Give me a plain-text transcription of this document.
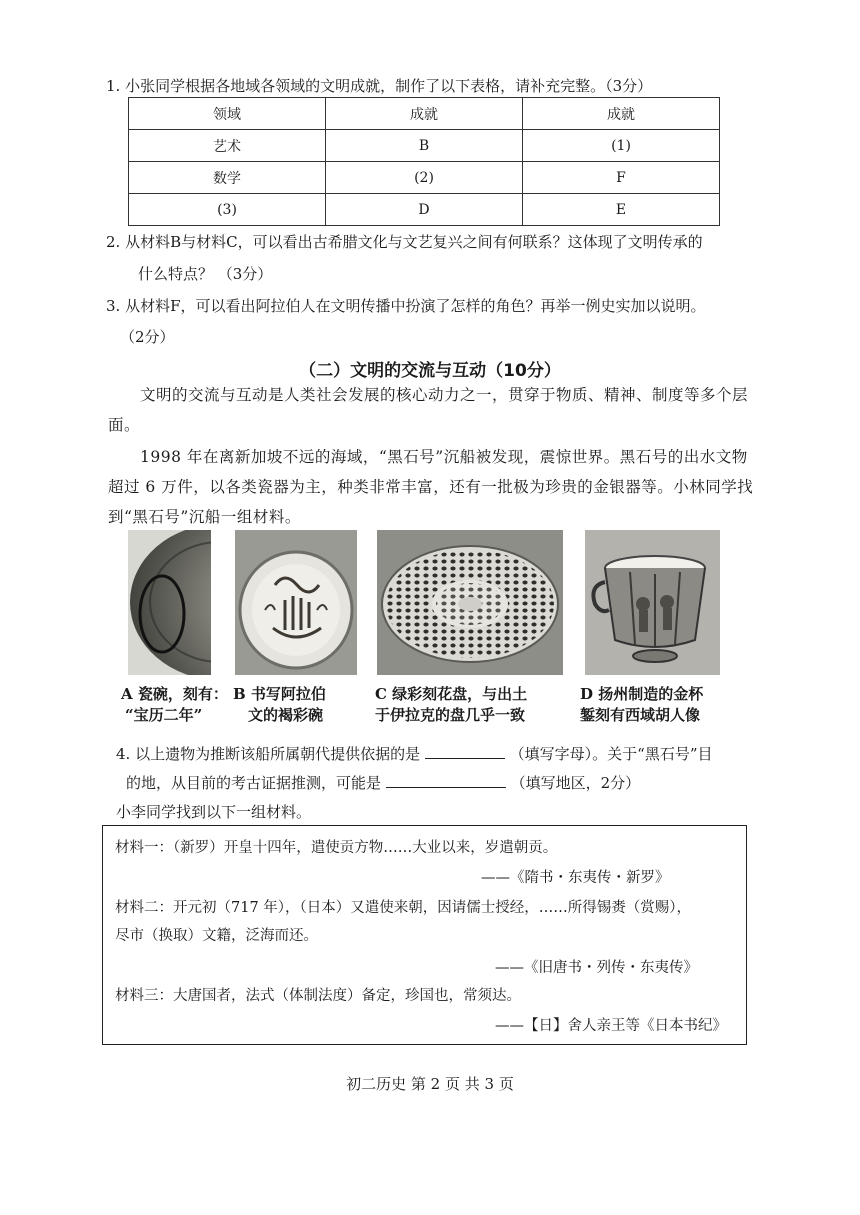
1. 小张同学根据各地域各领域的文明成就，制作了以下表格，请补充完整。（3分）
领域	成就	成就
艺术	B	(1)
数学	(2)	F
(3)	D	E
2. 从材料B与材料C，可以看出古希腊文化与文艺复兴之间有何联系？这体现了文明传承的
什么特点？ （3分）
3. 从材料F，可以看出阿拉伯人在文明传播中扮演了怎样的角色？再举一例史实加以说明。
（2分）
（二）文明的交流与互动（10分）
文明的交流与互动是人类社会发展的核心动力之一，贯穿于物质、精神、制度等多个层面。
1998 年在离新加坡不远的海域，“黑石号”沉船被发现，震惊世界。黑石号的出水文物超过 6 万件，以各类瓷器为主，种类非常丰富，还有一批极为珍贵的金银器等。小林同学找到“黑石号”沉船一组材料。
A 瓷碗，刻有：
“宝历二年”
B 书写阿拉伯
文的褐彩碗
C 绿彩刻花盘，与出土
于伊拉克的盘几乎一致
D 扬州制造的金杯
錾刻有西域胡人像
4. 以上遗物为推断该船所属朝代提供依据的是	（填写字母）。关于“黑石号”目
的地，从目前的考古证据推测，可能是	（填写地区，2分）
小李同学找到以下一组材料。
材料一：（新罗）开皇十四年，遣使贡方物……大业以来，岁遣朝贡。
——《隋书・东夷传・新罗》
材料二：开元初（717 年），（日本）又遣使来朝，因请儒士授经，……所得锡赉（赏赐），
尽市（换取）文籍，泛海而还。
——《旧唐书・列传・东夷传》
材料三：大唐国者，法式（体制法度）备定，珍国也，常须达。
——【日】舍人亲王等《日本书纪》
初二历史 第 2 页 共 3 页
